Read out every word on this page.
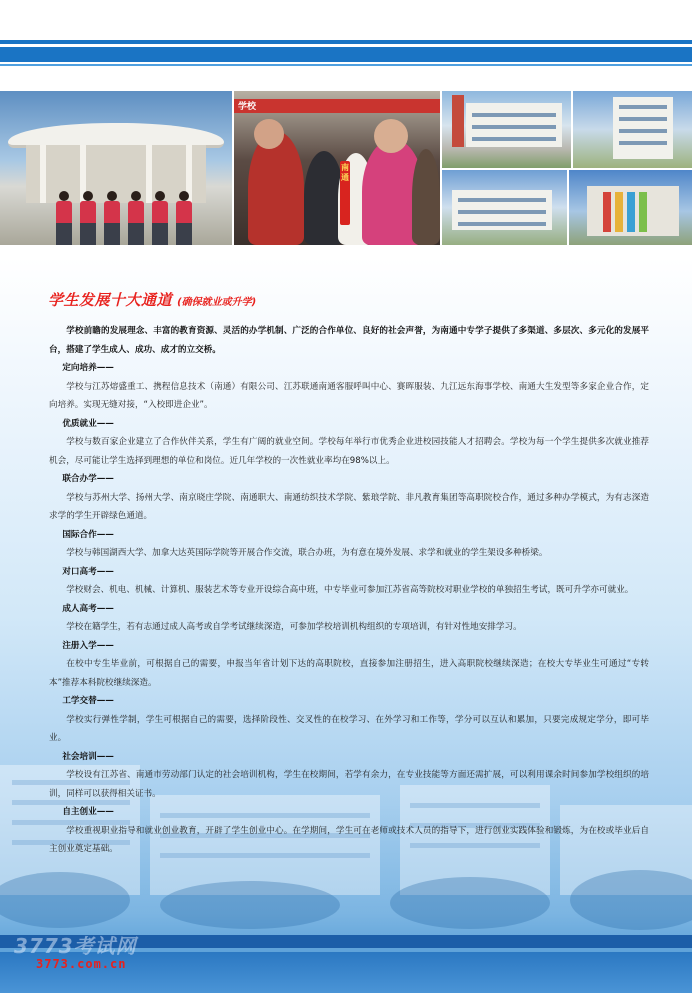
学校
南通
学生发展十大通道 (确保就业或升学)

学校前瞻的发展理念、丰富的教育资源、灵活的办学机制、广泛的合作单位、良好的社会声誉，为南通中专学子提供了多渠道、多层次、多元化的发展平台，搭建了学生成人、成功、成才的立交桥。

定向培养——

学校与江苏熔盛重工、携程信息技术（南通）有限公司、江苏联通南通客服呼叫中心、赛晖服装、九江远东海事学校、南通大生发型等多家企业合作，定向培养。实现无缝对接，“入校即进企业”。

优质就业——

学校与数百家企业建立了合作伙伴关系，学生有广阔的就业空间。学校每年举行市优秀企业进校园技能人才招聘会。学校为每一个学生提供多次就业推荐机会，尽可能让学生选择到理想的单位和岗位。近几年学校的一次性就业率均在98%以上。

联合办学——

学校与苏州大学、扬州大学、南京晓庄学院、南通职大、南通纺织技术学院、紫琅学院、非凡教育集团等高职院校合作，通过多种办学模式，为有志深造求学的学生开辟绿色通道。

国际合作——

学校与韩国湖西大学、加拿大达英国际学院等开展合作交流，联合办班，为有意在境外发展、求学和就业的学生架设多种桥梁。

对口高考——

学校财会、机电、机械、计算机、服装艺术等专业开设综合高中班，中专毕业可参加江苏省高等院校对职业学校的单独招生考试，既可升学亦可就业。

成人高考——

学校在籍学生，若有志通过成人高考或自学考试继续深造，可参加学校培训机构组织的专项培训，有针对性地安排学习。

注册入学——

在校中专生毕业前，可根据自己的需要，申报当年省计划下达的高职院校，直接参加注册招生，进入高职院校继续深造；在校大专毕业生可通过“专转本”推荐本科院校继续深造。

工学交替——

学校实行弹性学制，学生可根据自己的需要，选择阶段性、交叉性的在校学习、在外学习和工作等，学分可以互认和累加，只要完成规定学分，即可毕业。

社会培训——

学校设有江苏省、南通市劳动部门认定的社会培训机构，学生在校期间，若学有余力，在专业技能等方面还需扩展，可以利用课余时间参加学校组织的培训，同样可以获得相关证书。

自主创业——

学校重视职业指导和就业创业教育，开辟了学生创业中心。在学期间，学生可在老师或技术人员的指导下，进行创业实践体验和锻炼，为在校或毕业后自主创业奠定基础。

3773考试网
3773.com.cn
